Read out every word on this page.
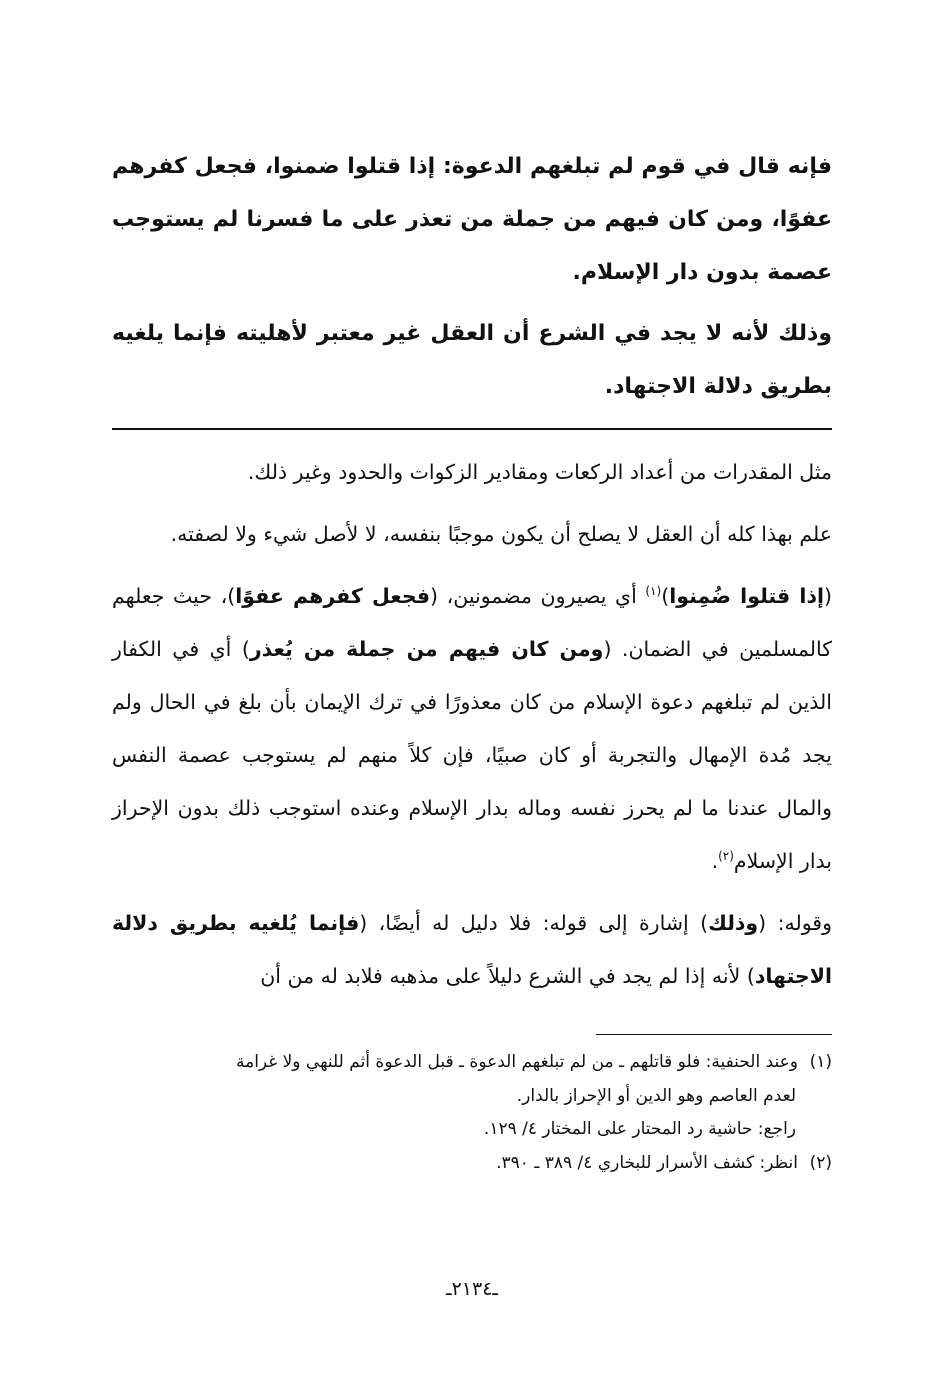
فإنه قال في قوم لم تبلغهم الدعوة: إذا قتلوا ضمنوا، فجعل كفرهم عفوًا، ومن كان فيهم من جملة من تعذر على ما فسرنا لم يستوجب عصمة بدون دار الإسلام.

وذلك لأنه لا يجد في الشرع أن العقل غير معتبر لأهليته فإنما يلغيه بطريق دلالة الاجتهاد.

مثل المقدرات من أعداد الركعات ومقادير الزكوات والحدود وغير ذلك.

علم بهذا كله أن العقل لا يصلح أن يكون موجبًا بنفسه، لا لأصل شيء ولا لصفته.

(إذا قتلوا ضُمِنوا)$^{(١)}$ أي يصيرون مضمونين، (فجعل كفرهم عفوًا)، حيث جعلهم كالمسلمين في الضمان. (ومن كان فيهم من جملة من يُعذر) أي في الكفار الذين لم تبلغهم دعوة الإسلام من كان معذورًا في ترك الإيمان بأن بلغ في الحال ولم يجد مُدة الإمهال والتجربة أو كان صبيًا، فإن كلاً منهم لم يستوجب عصمة النفس والمال عندنا ما لم يحرز نفسه وماله بدار الإسلام وعنده استوجب ذلك بدون الإحراز بدار الإسلام$^{(٢)}$.

وقوله: (وذلك) إشارة إلى قوله: فلا دليل له أيضًا، (فإنما يُلغيه بطريق دلالة الاجتهاد) لأنه إذا لم يجد في الشرع دليلاً على مذهبه فلابد له من أن

(١)وعند الحنفية: فلو قاتلهم ـ من لم تبلغهم الدعوة ـ قبل الدعوة أثم للنهي ولا غرامة

لعدم العاصم وهو الدين أو الإحراز بالدار.

راجع: حاشية رد المحتار على المختار ٤/ ١٢٩.

(٢)انظر: كشف الأسرار للبخاري ٤/ ٣٨٩ ـ ٣٩٠.

ـ٢١٣٤ـ
